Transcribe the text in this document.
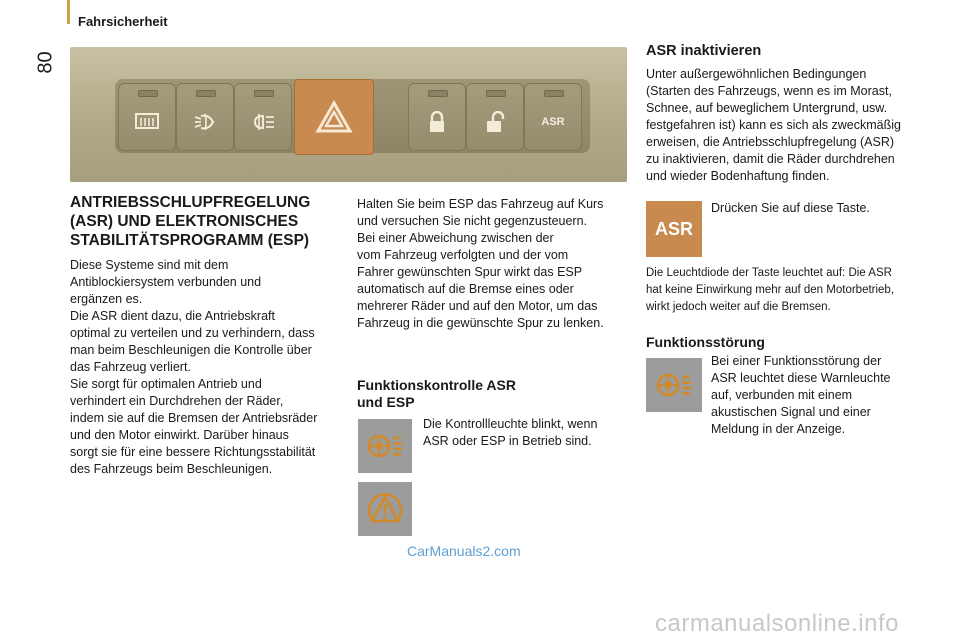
Fahrsicherheit
80
ASR
ANTRIEBSSCHLUPFREGELUNG (ASR) UND ELEKTRONISCHES STABILITÄTSPROGRAMM (ESP)
Diese Systeme sind mit dem
Antiblockiersystem verbunden und
ergänzen es.
Die ASR dient dazu, die Antriebskraft
optimal zu verteilen und zu verhindern, dass
man beim Beschleunigen die Kontrolle über
das Fahrzeug verliert.
Sie sorgt für optimalen Antrieb und
verhindert ein Durchdrehen der Räder,
indem sie auf die Bremsen der Antriebsräder
und den Motor einwirkt. Darüber hinaus
sorgt sie für eine bessere Richtungsstabilität
des Fahrzeugs beim Beschleunigen.
Halten Sie beim ESP das Fahrzeug auf Kurs
und versuchen Sie nicht gegenzusteuern.
Bei einer Abweichung zwischen der
vom Fahrzeug verfolgten und der vom
Fahrer gewünschten Spur wirkt das ESP
automatisch auf die Bremse eines oder
mehrerer Räder und auf den Motor, um das
Fahrzeug in die gewünschte Spur zu lenken.
Funktionskontrolle ASR
und ESP
Die Kontrollleuchte blinkt, wenn
ASR oder ESP in Betrieb sind.
ASR inaktivieren
Unter außergewöhnlichen Bedingungen
(Starten des Fahrzeugs, wenn es im Morast,
Schnee, auf beweglichem Untergrund, usw.
festgefahren ist) kann es sich als zweckmäßig
erweisen, die Antriebsschlupfregelung (ASR)
zu inaktivieren, damit die Räder durchdrehen
und wieder Bodenhaftung finden.
ASR
Drücken Sie auf diese Taste.
Die Leuchtdiode der Taste leuchtet auf: Die ASR
hat keine Einwirkung mehr auf den Motorbetrieb,
wirkt jedoch weiter auf die Bremsen.
Funktionsstörung
Bei einer Funktionsstörung der
ASR leuchtet diese Warnleuchte
auf, verbunden mit einem
akustischen Signal und einer
Meldung in der Anzeige.
CarManuals2.com
carmanualsonline.info
